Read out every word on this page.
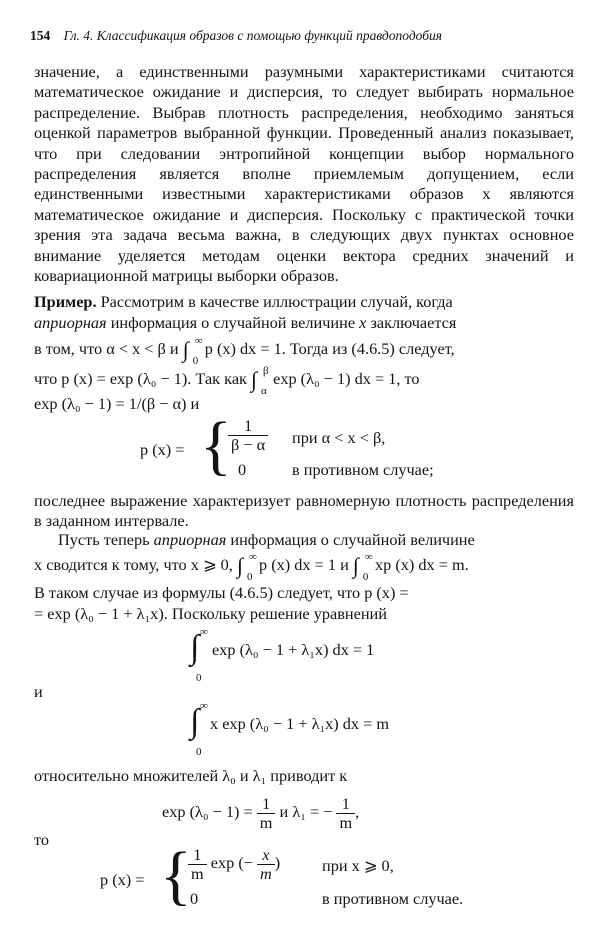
154 Гл. 4. Классификация образов с помощью функций правдоподобия
значение, а единственными разумными характеристиками считаются математическое ожидание и дисперсия, то следует выбирать нормальное распределение. Выбрав плотность распределения, необходимо заняться оценкой параметров выбранной функции. Проведенный анализ показывает, что при следовании энтропийной концепции выбор нормального распределения является вполне приемлемым допущением, если единственными известными характеристиками образов x являются математическое ожидание и дисперсия. Поскольку с практической точки зрения эта задача весьма важна, в следующих двух пунктах основное внимание уделяется методам оценки вектора средних значений и ковариационной матрицы выборки образов.
Пример. Рассмотрим в качестве иллюстрации случай, когда
априорная информация о случайной величине x заключается
в том, что α < x < β и ∫ ∞
0
p (x) dx = 1. Тогда из (4.6.5) следует,
что p (x) = exp (λ₀ − 1). Так как ∫ β
α
exp (λ₀ − 1) dx = 1, то
exp (λ₀ − 1) = 1/(β − α) и
p (x) = {
$\frac{1}{\beta - \alpha}$ при α < x < β,
0	в противном случае;
последнее выражение характеризует равномерную плотность распределения в заданном интервале.
Пусть теперь априорная информация о случайной величине
x сводится к тому, что x ⩾ 0, ∫ ∞
0
p (x) dx = 1 и ∫ ∞
0
xp (x) dx = m.
В таком случае из формулы (4.6.5) следует, что p (x) =
= exp (λ₀ − 1 + λ₁x). Поскольку решение уравнений
∞
∫
0
exp (λ₀ − 1 + λ₁x) dx = 1
и
∞
∫
0
x exp (λ₀ − 1 + λ₁x) dx = m
относительно множителей λ₀ и λ₁ приводит к
$\exp (\lambda_0 - 1) = \frac{1}{m}$ и λ₁ = − $\frac{1}{m}$ ,
то
p (x) = {
$\frac{1}{m}$ exp (− $\frac{x}{m}$ )	при x ⩾ 0,
0	в противном случае.
